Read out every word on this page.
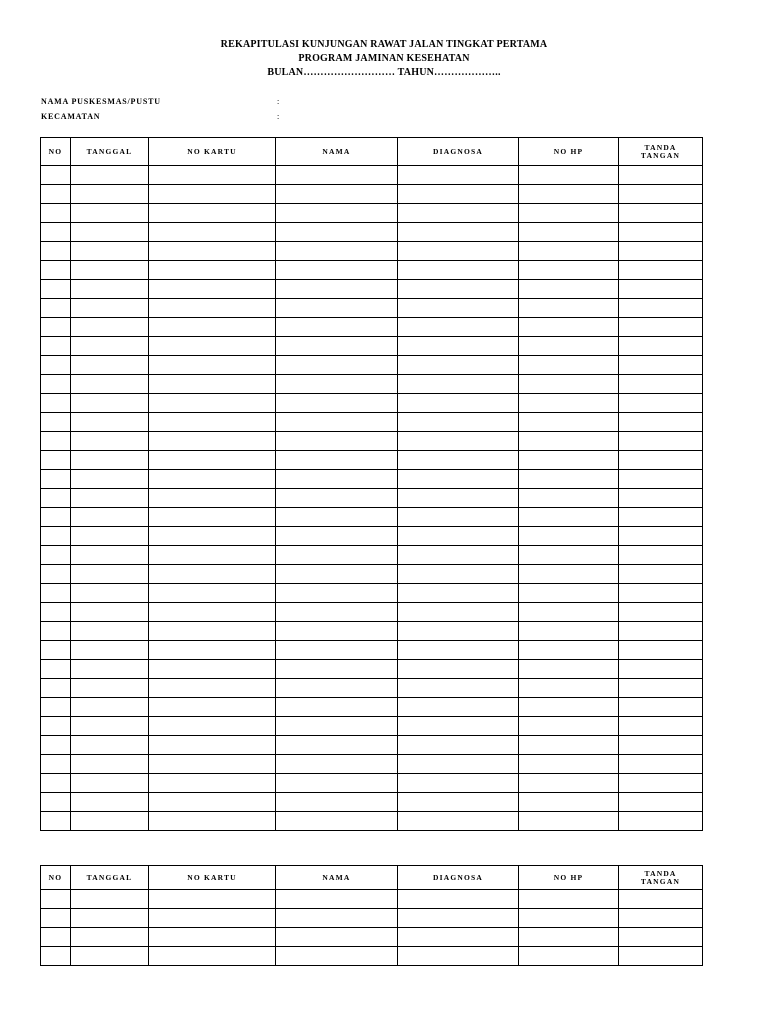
REKAPITULASI KUNJUNGAN RAWAT JALAN TINGKAT PERTAMA
PROGRAM JAMINAN KESEHATAN
BULAN……………………… TAHUN………………..
NAMA PUSKESMAS/PUSTU	:
KECAMATAN	:
NO	TANGGAL	NO KARTU	NAMA	DIAGNOSA	NO HP	TANDA
TANGAN

NO	TANGGAL	NO KARTU	NAMA	DIAGNOSA	NO HP	TANDA
TANGAN
